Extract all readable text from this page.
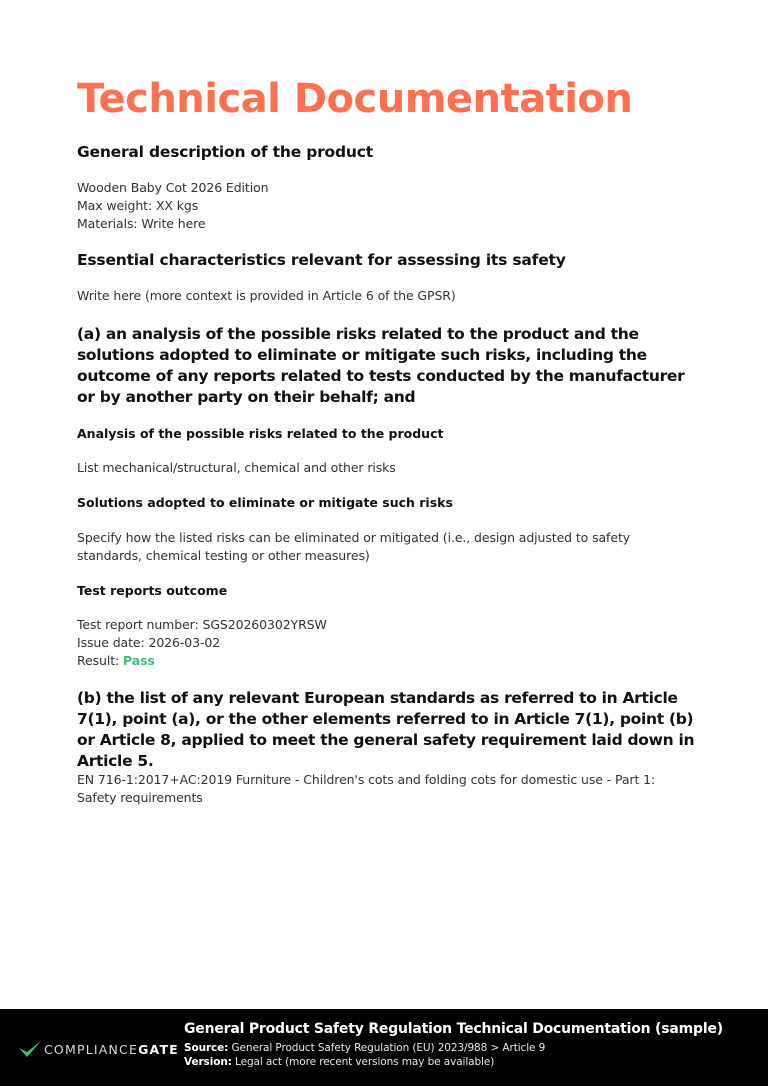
Technical Documentation
General description of the product
Wooden Baby Cot 2026 Edition
Max weight: XX kgs
Materials: Write here
Essential characteristics relevant for assessing its safety
Write here (more context is provided in Article 6 of the GPSR)
(a) an analysis of the possible risks related to the product and the solutions adopted to eliminate or mitigate such risks, including the outcome of any reports related to tests conducted by the manufacturer or by another party on their behalf; and
Analysis of the possible risks related to the product
List mechanical/structural, chemical and other risks
Solutions adopted to eliminate or mitigate such risks
Specify how the listed risks can be eliminated or mitigated (i.e., design adjusted to safety standards, chemical testing or other measures)
Test reports outcome
Test report number: SGS20260302YRSW
Issue date: 2026-03-02
Result: Pass
(b) the list of any relevant European standards as referred to in Article 7(1), point (a), or the other elements referred to in Article 7(1), point (b) or Article 8, applied to meet the general safety requirement laid down in Article 5.
EN 716-1:2017+AC:2019 Furniture - Children's cots and folding cots for domestic use - Part 1: Safety requirements
COMPLIANCEGATE
General Product Safety Regulation Technical Documentation (sample)
Source: General Product Safety Regulation (EU) 2023/988 > Article 9
Version: Legal act (more recent versions may be available)
